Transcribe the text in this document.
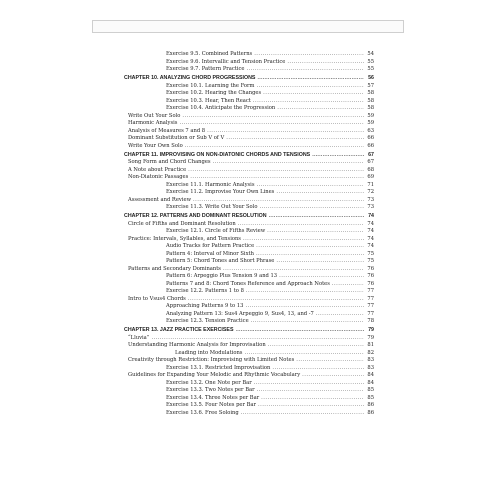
Exercise 9.5. Combined Patterns . . .	54
Exercise 9.6. Intervallic and Tension Practice . . .	55
Exercise 9.7. Pattern Practice . . .	55
CHAPTER 10. ANALYZING CHORD PROGRESSIONS . . .	56
Exercise 10.1. Learning the Form . . .	57
Exercise 10.2. Hearing the Changes . . .	58
Exercise 10.3. Hear, Then React . . .	58
Exercise 10.4. Anticipate the Progression . . .	58
Write Out Your Solo . . .	59
Harmonic Analysis . . .	59
Analysis of Measures 7 and 8 . . .	63
Dominant Substitution or Sub V of V . . .	66
Write Your Own Solo . . .	66
CHAPTER 11. IMPROVISING ON NON-DIATONIC CHORDS AND TENSIONS . . .	67
Song Form and Chord Changes . . .	67
A Note about Practice . . .	68
Non-Diatonic Passages . . .	69
Exercise 11.1. Harmonic Analysis . . .	71
Exercise 11.2. Improvise Your Own Lines . . .	72
Assessment and Review . . .	73
Exercise 11.3. Write Out Your Solo . . .	73
CHAPTER 12. PATTERNS AND DOMINANT RESOLUTION . . .	74
Circle of Fifths and Dominant Resolution . . .	74
Exercise 12.1. Circle of Fifths Review . . .	74
Practice: Intervals, Syllables, and Tensions . . .	74
Audio Tracks for Pattern Practice . . .	74
Pattern 4: Interval of Minor Sixth . . .	75
Pattern 5: Chord Tones and Short Phrase . . .	75
Patterns and Secondary Dominants . . .	76
Pattern 6: Arpeggio Plus Tension 9 and 13 . . .	76
Patterns 7 and 8: Chord Tones Reference and Approach Notes . . .	76
Exercise 12.2. Patterns 1 to 8 . . .	77
Intro to Vsus4 Chords . . .	77
Approaching Patterns 9 to 13 . . .	77
Analyzing Pattern 13: Sus4 Arpeggio 9, Sus4, 13, and -7 . . .	77
Exercise 12.3. Tension Practice . . .	78
CHAPTER 13. JAZZ PRACTICE EXERCISES . . .	79
“Lluvia” . . .	79
Understanding Harmonic Analysis for Improvisation . . .	81
Leading into Modulations . . .	82
Creativity through Restriction: Improvising with Limited Notes . . .	83
Exercise 13.1. Restricted Improvisation . . .	83
Guidelines for Expanding Your Melodic and Rhythmic Vocabulary . . .	84
Exercise 13.2. One Note per Bar . . .	84
Exercise 13.3. Two Notes per Bar . . .	85
Exercise 13.4. Three Notes per Bar . . .	85
Exercise 13.5. Four Notes per Bar . . .	86
Exercise 13.6. Free Soloing . . .	86
